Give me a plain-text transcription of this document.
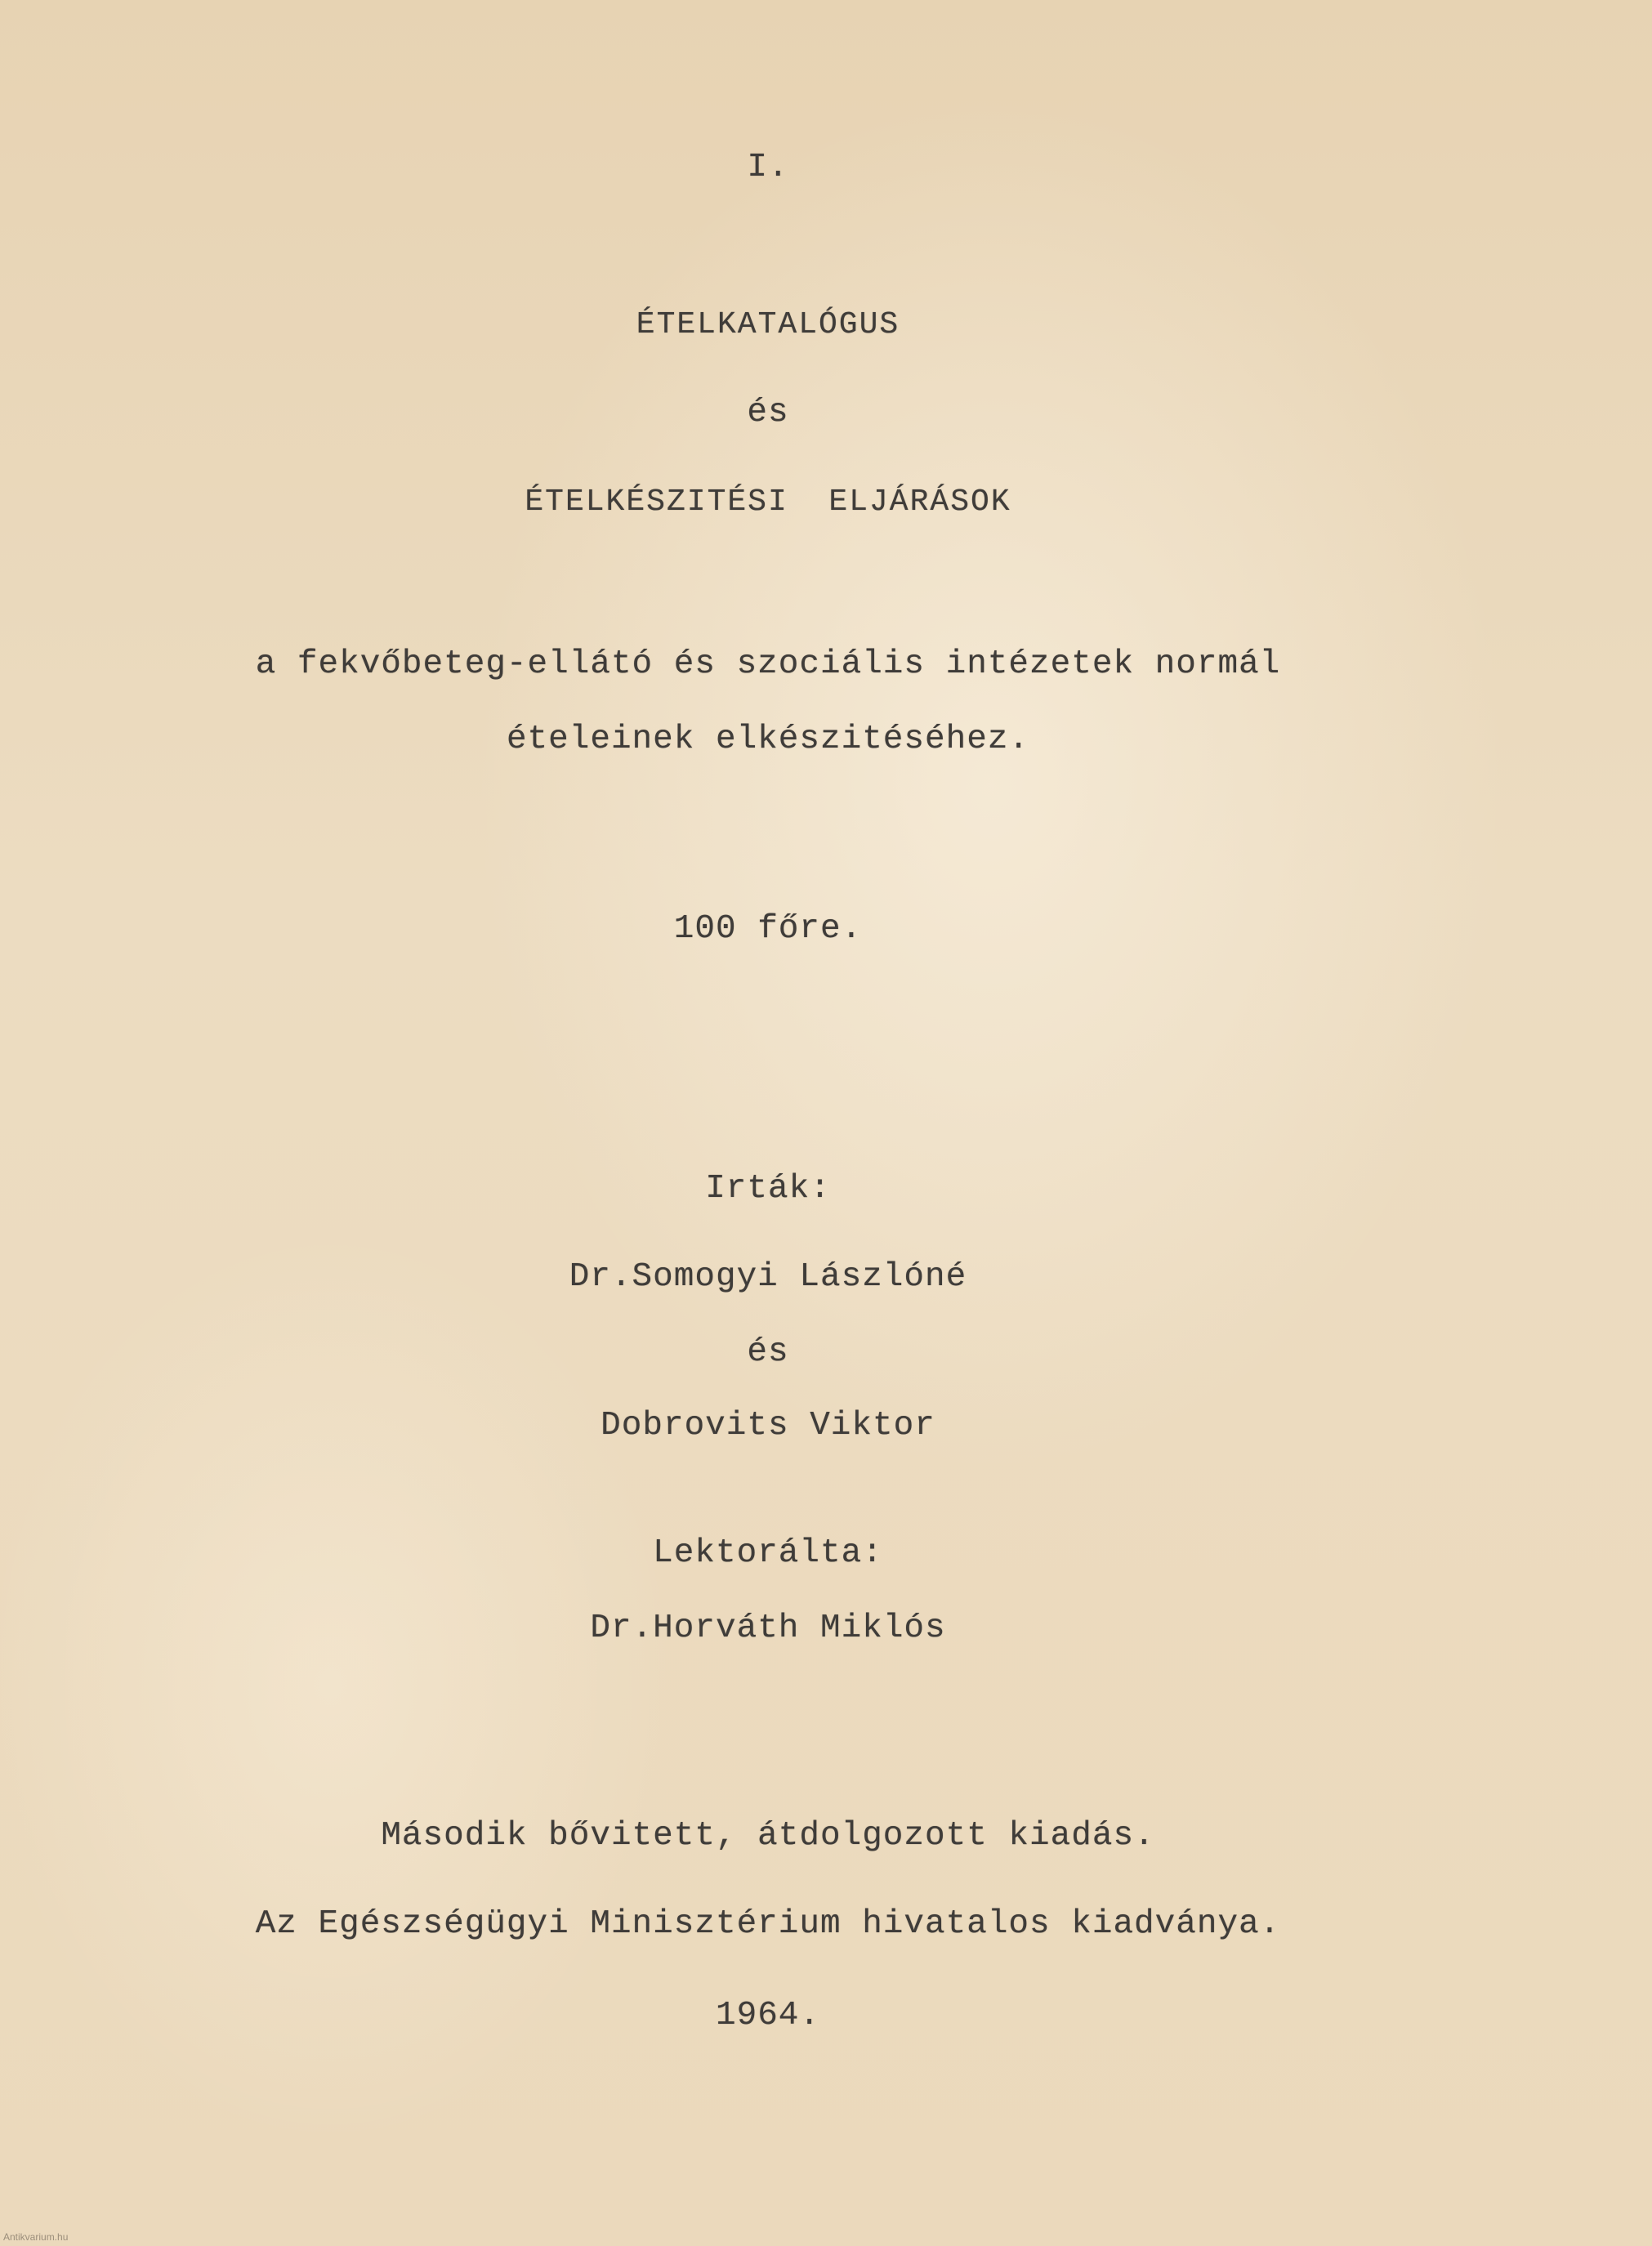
I.
ÉTELKATALÓGUS
és
ÉTELKÉSZITÉSI  ELJÁRÁSOK
a fekvőbeteg-ellátó és szociális intézetek normál
ételeinek elkészitéséhez.
100 főre.
Irták:
Dr.Somogyi Lászlóné
és
Dobrovits Viktor
Lektorálta:
Dr.Horváth Miklós
Második bővitett, átdolgozott kiadás.
Az Egészségügyi Minisztérium hivatalos kiadványa.
1964.
Antikvarium.hu
